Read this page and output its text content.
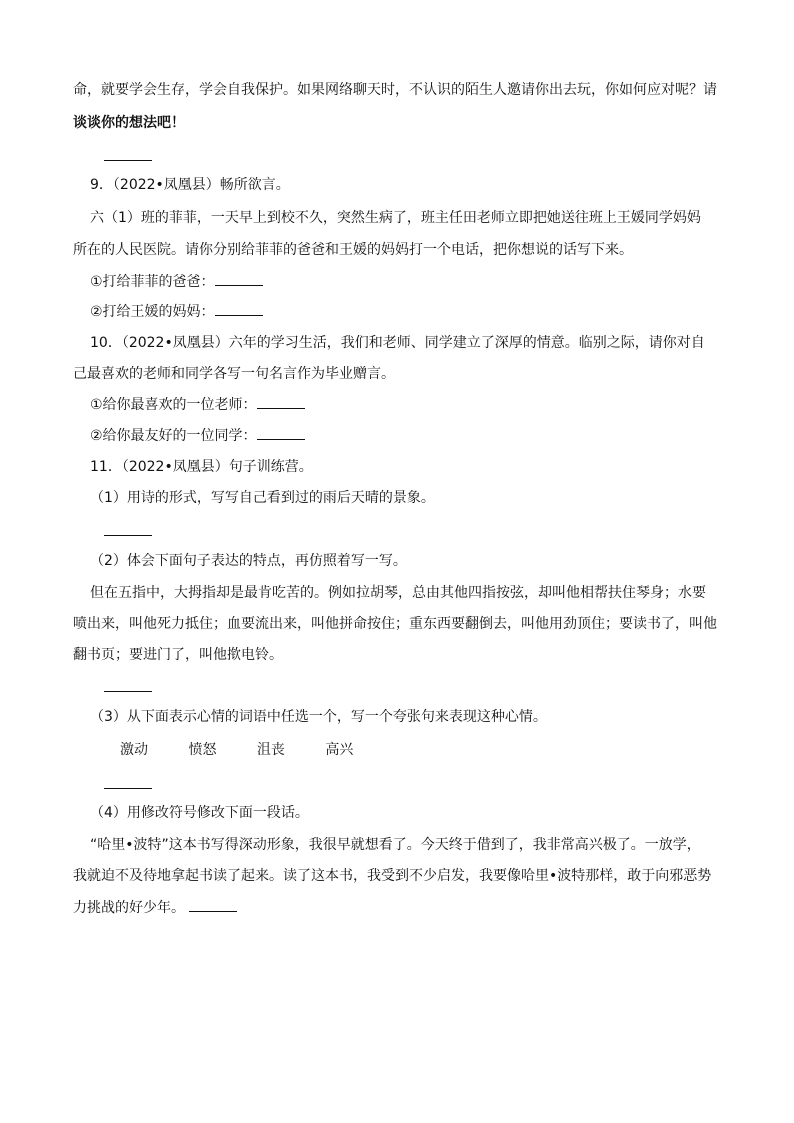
命，就要学会生存，学会自我保护。如果网络聊天时，不认识的陌生人邀请你出去玩，你如何应对呢？请
谈谈你的想法吧！
9．（2022•凤凰县）畅所欲言。
六（1）班的菲菲，一天早上到校不久，突然生病了，班主任田老师立即把她送往班上王媛同学妈妈
所在的人民医院。请你分别给菲菲的爸爸和王媛的妈妈打一个电话，把你想说的话写下来。
①打给菲菲的爸爸：
②打给王媛的妈妈：
10．（2022•凤凰县）六年的学习生活，我们和老师、同学建立了深厚的情意。临别之际，请你对自
己最喜欢的老师和同学各写一句名言作为毕业赠言。
①给你最喜欢的一位老师：
②给你最友好的一位同学：
11．（2022•凤凰县）句子训练营。
（1）用诗的形式，写写自己看到过的雨后天晴的景象。
（2）体会下面句子表达的特点，再仿照着写一写。
但在五指中，大拇指却是最肯吃苦的。例如拉胡琴，总由其他四指按弦，却叫他相帮扶住琴身；水要
喷出来，叫他死力抵住；血要流出来，叫他拼命按住；重东西要翻倒去，叫他用劲顶住；要读书了，叫他
翻书页；要进门了，叫他揿电铃。
（3）从下面表示心情的词语中任选一个，写一个夸张句来表现这种心情。
激动	愤怒	沮丧	高兴
（4）用修改符号修改下面一段话。
“哈里•波特”这本书写得深动形象，我很早就想看了。今天终于借到了，我非常高兴极了。一放学，
我就迫不及待地拿起书读了起来。读了这本书，我受到不少启发，我要像哈里•波特那样，敢于向邪恶势
力挑战的好少年。
